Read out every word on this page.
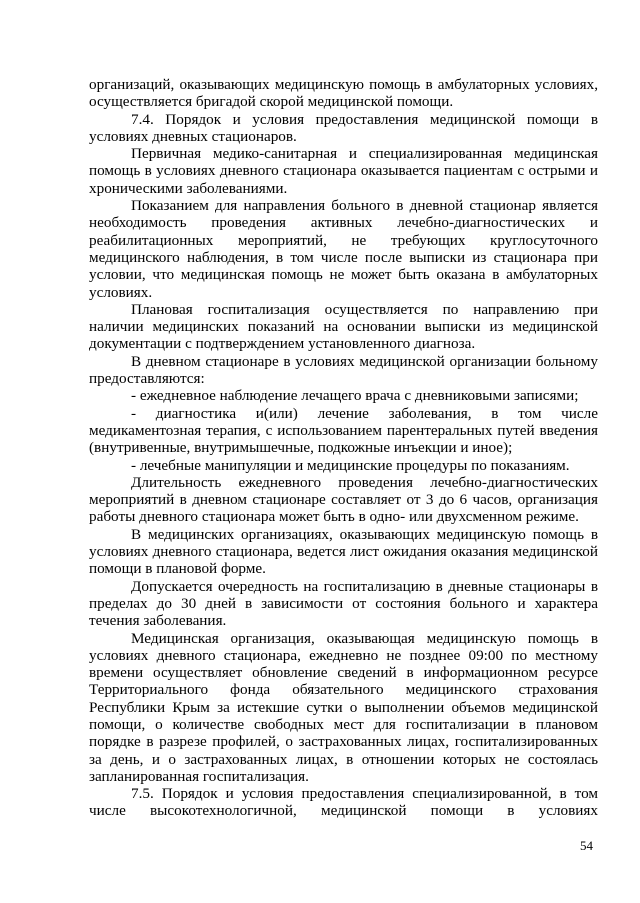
организаций, оказывающих медицинскую помощь в амбулаторных условиях, осуществляется бригадой скорой медицинской помощи.

7.4. Порядок и условия предоставления медицинской помощи в условиях дневных стационаров.

Первичная медико-санитарная и специализированная медицинская помощь в условиях дневного стационара оказывается пациентам с острыми и хроническими заболеваниями.

Показанием для направления больного в дневной стационар является необходимость проведения активных лечебно-диагностических и реабилитационных мероприятий, не требующих круглосуточного медицинского наблюдения, в том числе после выписки из стационара при условии, что медицинская помощь не может быть оказана в амбулаторных условиях.

Плановая госпитализация осуществляется по направлению при наличии медицинских показаний на основании выписки из медицинской документации с подтверждением установленного диагноза.

В дневном стационаре в условиях медицинской организации больному предоставляются:

- ежедневное наблюдение лечащего врача с дневниковыми записями;

- диагностика и(или) лечение заболевания, в том числе медикаментозная терапия, с использованием парентеральных путей введения (внутривенные, внутримышечные, подкожные инъекции и иное);

- лечебные манипуляции и медицинские процедуры по показаниям.

Длительность ежедневного проведения лечебно-диагностических мероприятий в дневном стационаре составляет от 3 до 6 часов, организация работы дневного стационара может быть в одно- или двухсменном режиме.

В медицинских организациях, оказывающих медицинскую помощь в условиях дневного стационара, ведется лист ожидания оказания медицинской помощи в плановой форме.

Допускается очередность на госпитализацию в дневные стационары в пределах до 30 дней в зависимости от состояния больного и характера течения заболевания.

Медицинская организация, оказывающая медицинскую помощь в условиях дневного стационара, ежедневно не позднее 09:00 по местному времени осуществляет обновление сведений в информационном ресурсе Территориального фонда обязательного медицинского страхования Республики Крым за истекшие сутки о выполнении объемов медицинской помощи, о количестве свободных мест для госпитализации в плановом порядке в разрезе профилей, о застрахованных лицах, госпитализированных за день, и о застрахованных лицах, в отношении которых не состоялась запланированная госпитализация.

7.5. Порядок и условия предоставления специализированной, в том числе высокотехнологичной, медицинской помощи в условиях

54
